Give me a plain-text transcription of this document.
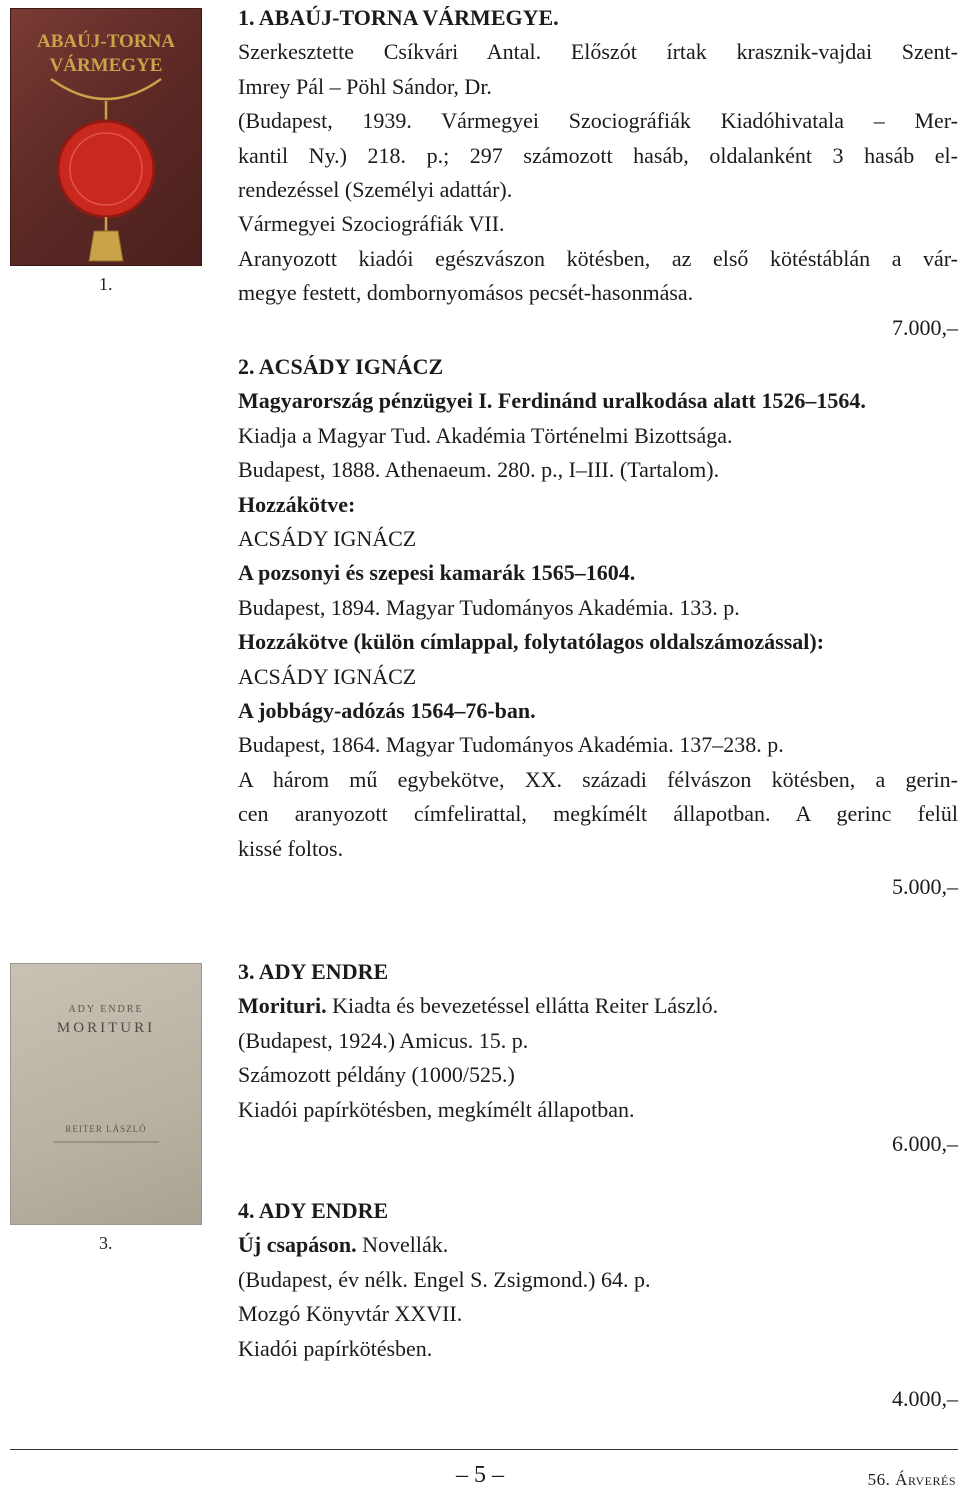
ABAÚJ-TORNA
VÁRMEGYE
1.
ADY ENDRE
MORITURI
REITER LÁSZLÓ
3.
1. ABAÚJ-TORNA VÁRMEGYE.
Szerkesztette Csíkvári Antal. Előszót írtak krasznik-vajdai Szent-
Imrey Pál – Pöhl Sándor, Dr.
(Budapest, 1939. Vármegyei Szociográfiák Kiadóhivatala – Mer-
kantil Ny.) 218. p.; 297 számozott hasáb, oldalanként 3 hasáb el-
rendezéssel (Személyi adattár).
Vármegyei Szociográfiák VII.
Aranyozott kiadói egészvászon kötésben, az első kötéstáblán a vár-
megye festett, dombornyomásos pecsét-hasonmása.
7.000,–
2. ACSÁDY IGNÁCZ
Magyarország pénzügyei I. Ferdinánd uralkodása alatt 1526–1564.
Kiadja a Magyar Tud. Akadémia Történelmi Bizottsága.
Budapest, 1888. Athenaeum. 280. p., I–III. (Tartalom).
Hozzákötve:
ACSÁDY IGNÁCZ
A pozsonyi és szepesi kamarák 1565–1604.
Budapest, 1894. Magyar Tudományos Akadémia. 133. p.
Hozzákötve (külön címlappal, folytatólagos oldalszámozással):
ACSÁDY IGNÁCZ
A jobbágy-adózás 1564–76-ban.
Budapest, 1864. Magyar Tudományos Akadémia. 137–238. p.
A három mű egybekötve, XX. századi félvászon kötésben, a gerin-
cen aranyozott címfelirattal, megkímélt állapotban. A gerinc felül
kissé foltos.
5.000,–
3. ADY ENDRE
Morituri. Kiadta és bevezetéssel ellátta Reiter László.
(Budapest, 1924.) Amicus. 15. p.
Számozott példány (1000/525.)
Kiadói papírkötésben, megkímélt állapotban.
6.000,–
4. ADY ENDRE
Új csapáson. Novellák.
(Budapest, év nélk. Engel S. Zsigmond.) 64. p.
Mozgó Könyvtár XXVII.
Kiadói papírkötésben.
4.000,–
– 5 –	56. Árverés
